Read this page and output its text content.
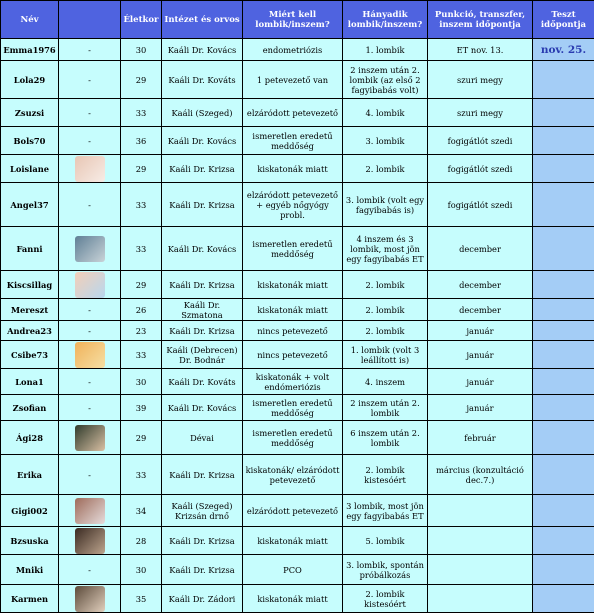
Név		Életkor	Intézet és orvos	Miért kell lombik/inszem?	Hányadik lombik/inszem?	Punkció, transzfer, inszem időpontja	Teszt időpontja
Emma1976	-	30	Kaáli Dr. Kovács	endometriózis	1. lombik	ET nov. 13.	nov. 25.
Lola29	-	29	Kaáli Dr. Kováts	1 petevezető van	2 inszem után 2. lombik (az első 2 fagyibabás volt)	szuri megy	
Zsuzsi	-	33	Kaáli (Szeged)	elzáródott petevezető	4. lombik	szuri megy	
Bols70	-	36	Kaáli Dr. Kovács	ismeretlen eredetű meddőség	3. lombik	fogigátlót szedi	
Loislane		29	Kaáli Dr. Krizsa	kiskatonák miatt	2. lombik	fogigátlót szedi	
Angel37	-	33	Kaáli Dr. Krizsa	elzáródott petevezető + egyéb nőgyógy probl.	3. lombik (volt egy fagyibabás is)	fogigátlót szedi	
Fanni		33	Kaáli Dr. Kovács	ismeretlen eredetű meddőség	4 inszem és 3 lombik, most jön egy fagyibabás ET	december	
Kiscsillag		29	Kaáli Dr. Krizsa	kiskatonák miatt	2. lombik	december	
Meresz​t	-	26	Kaáli Dr. Szmatona	kiskatonák miatt	2. lombik	december	
Andrea23	-	23	Kaáli Dr. Krizsa	nincs petevezető	2. lombik	január	
Csibe73		33	Kaáli (Debrecen) Dr. Bodnár	nincs petevezető	1. lombik (volt 3 leállított is)	január	
Lona1	-	30	Kaáli Dr. Kováts	kiskatonák + volt endómeriózis	4. inszem	január	
Zsofian	-	39	Kaáli Dr. Kovács	ismeretlen eredetű meddőség	2 inszem után 2. lombik	január	
Ági28		29	Dévai	ismeretlen eredetű meddőség	6 inszem után 2. lombik	február	
Erika	-	33	Kaáli Dr. Krizsa	kiskatonák/ elzáródott petevezető	2. lombik kistesóért	március (konzultáció dec.7.)	
Gigi002		34	Kaáli (Szeged) Krizsán drnő	elzáródott petevezető	3 lombik, most jön egy fagyibabás ET		
Bzsuska		28	Kaáli Dr. Krizsa	kiskatonák miatt	5. lombik		
Mniki	-	30	Kaáli Dr. Krizsa	PCO	3. lombik, spontán próbálkozás		
Karmen		35	Kaáli Dr. Zádori	kiskatonák miatt	2. lombik kistesóért		
